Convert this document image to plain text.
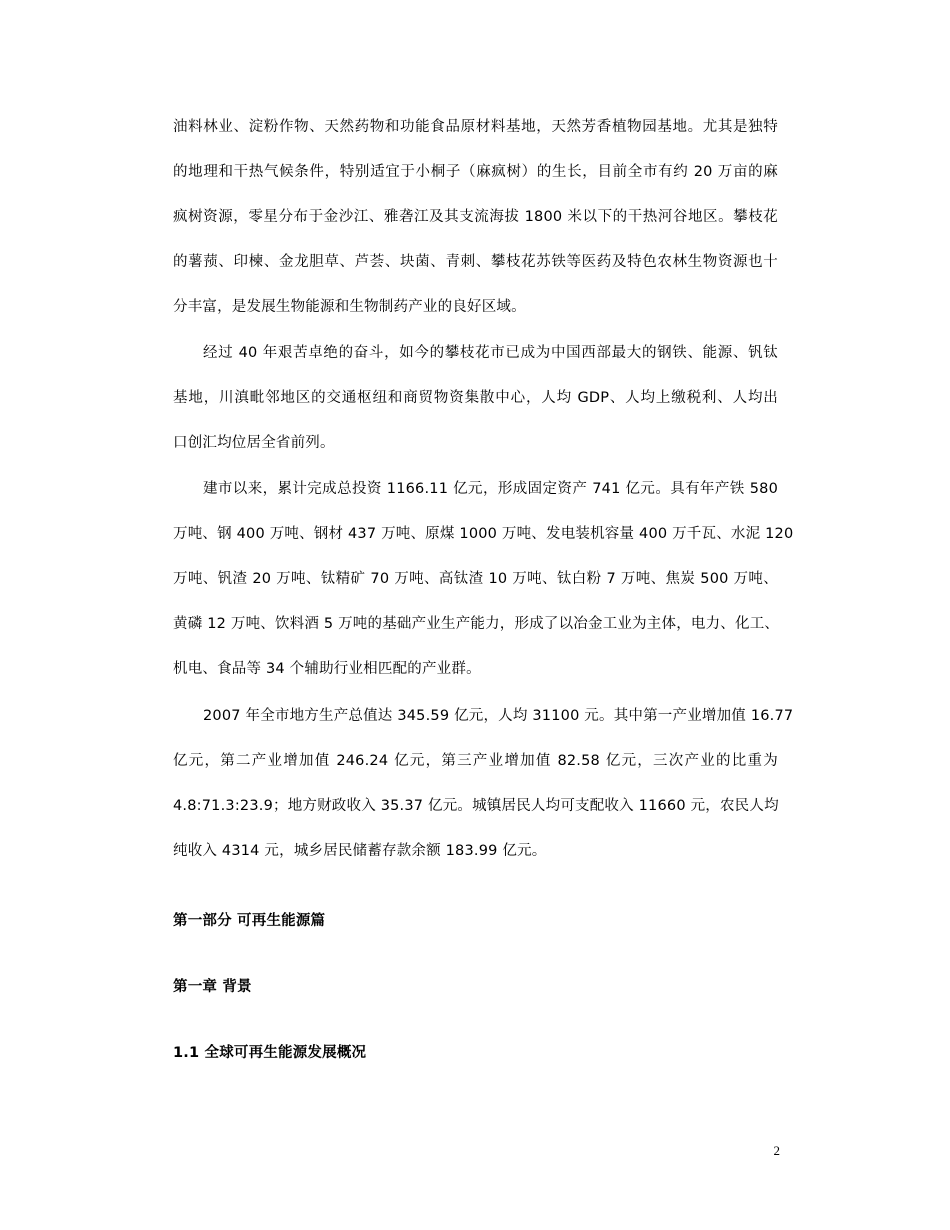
油料林业、淀粉作物、天然药物和功能食品原材料基地，天然芳香植物园基地。尤其是独特
的地理和干热气候条件，特别适宜于小桐子（麻疯树）的生长，目前全市有约 20 万亩的麻
疯树资源，零星分布于金沙江、雅砻江及其支流海拔 1800 米以下的干热河谷地区。攀枝花
的薯蓣、印楝、金龙胆草、芦荟、块菌、青刺、攀枝花苏铁等医药及特色农林生物资源也十
分丰富，是发展生物能源和生物制药产业的良好区域。
经过 40 年艰苦卓绝的奋斗，如今的攀枝花市已成为中国西部最大的钢铁、能源、钒钛
基地，川滇毗邻地区的交通枢纽和商贸物资集散中心，人均 GDP、人均上缴税利、人均出
口创汇均位居全省前列。
建市以来，累计完成总投资 1166.11 亿元，形成固定资产 741 亿元。具有年产铁 580
万吨、钢 400 万吨、钢材 437 万吨、原煤 1000 万吨、发电装机容量 400 万千瓦、水泥 120
万吨、钒渣 20 万吨、钛精矿 70 万吨、高钛渣 10 万吨、钛白粉 7 万吨、焦炭 500 万吨、
黄磷 12 万吨、饮料酒 5 万吨的基础产业生产能力，形成了以冶金工业为主体，电力、化工、
机电、食品等 34 个辅助行业相匹配的产业群。
2007 年全市地方生产总值达 345.59 亿元，人均 31100 元。其中第一产业增加值 16.77
亿元，第二产业增加值 246.24 亿元，第三产业增加值 82.58 亿元，三次产业的比重为
4.8:71.3:23.9；地方财政收入 35.37 亿元。城镇居民人均可支配收入 11660 元，农民人均
纯收入 4314 元，城乡居民储蓄存款余额 183.99 亿元。
第一部分 可再生能源篇
第一章 背景
1.1 全球可再生能源发展概况
2
